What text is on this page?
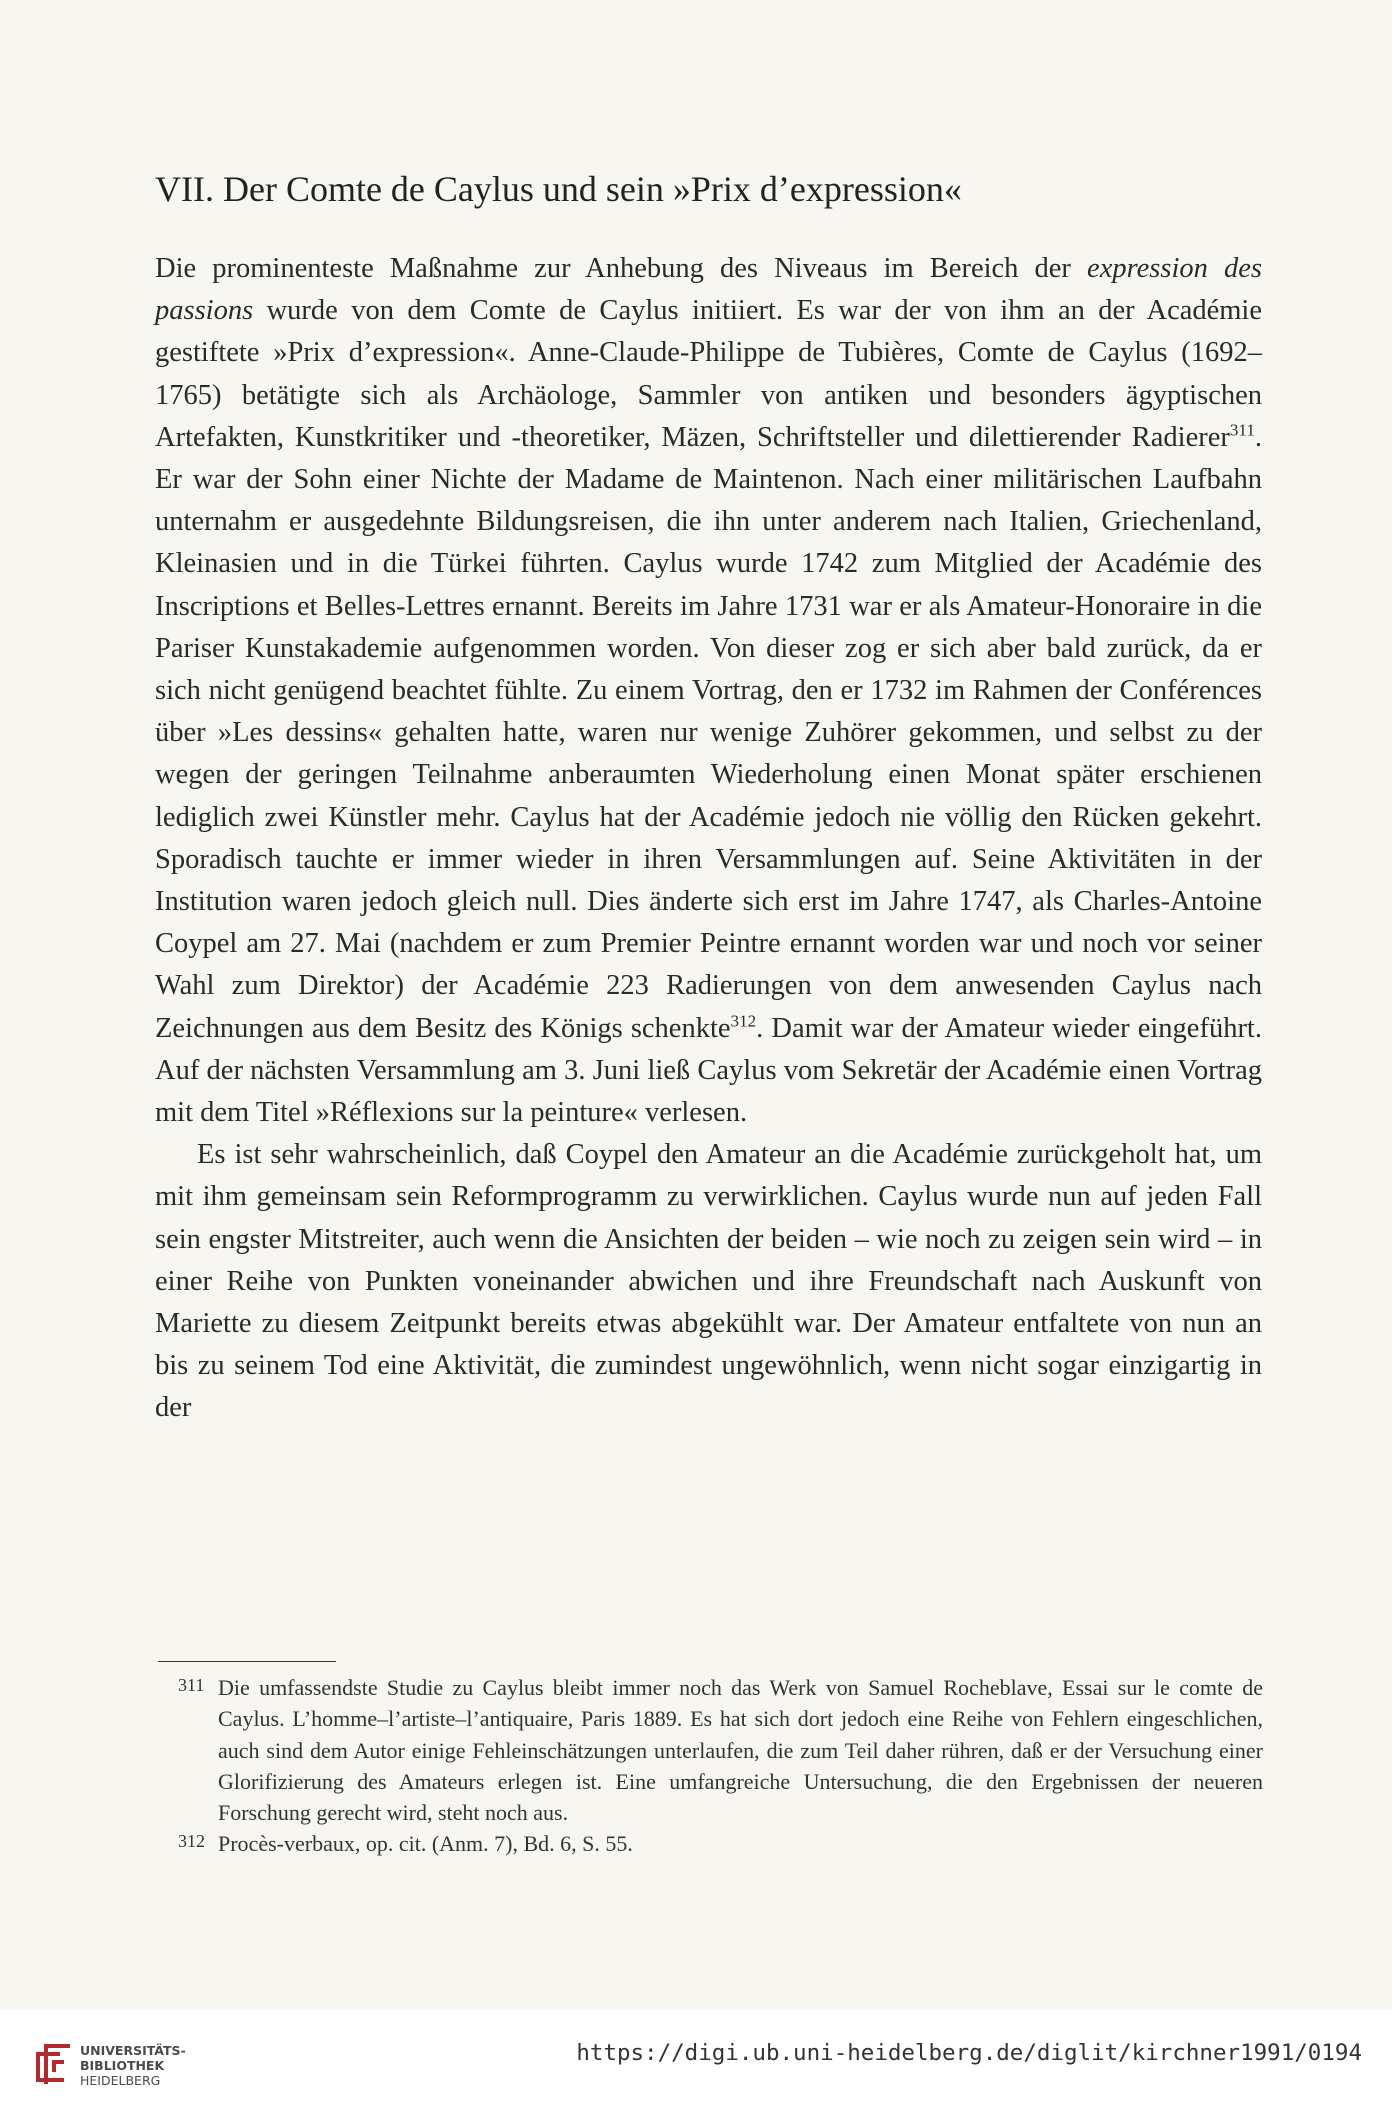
VII. Der Comte de Caylus und sein »Prix d’expression«

Die prominenteste Maßnahme zur Anhebung des Niveaus im Bereich der expression des passions wurde von dem Comte de Caylus initiiert. Es war der von ihm an der Académie gestiftete »Prix d’expression«. Anne-Claude-Philippe de Tubières, Comte de Caylus (1692–1765) betätigte sich als Archäologe, Sammler von antiken und besonders ägyptischen Artefakten, Kunstkritiker und -theoretiker, Mäzen, Schriftsteller und dilettierender Radierer$^{311}$. Er war der Sohn einer Nichte der Madame de Maintenon. Nach einer militärischen Laufbahn unternahm er ausgedehnte Bildungsreisen, die ihn unter anderem nach Italien, Griechenland, Kleinasien und in die Türkei führten. Caylus wurde 1742 zum Mitglied der Académie des Inscriptions et Belles-Lettres ernannt. Bereits im Jahre 1731 war er als Amateur-Honoraire in die Pariser Kunstakademie aufgenommen worden. Von dieser zog er sich aber bald zurück, da er sich nicht genügend beachtet fühlte. Zu einem Vortrag, den er 1732 im Rahmen der Conférences über »Les dessins« gehalten hatte, waren nur wenige Zuhörer gekommen, und selbst zu der wegen der geringen Teilnahme anberaumten Wiederholung einen Monat später erschienen lediglich zwei Künstler mehr. Caylus hat der Académie jedoch nie völlig den Rücken gekehrt. Sporadisch tauchte er immer wieder in ihren Versammlungen auf. Seine Aktivitäten in der Institution waren jedoch gleich null. Dies änderte sich erst im Jahre 1747, als Charles-Antoine Coypel am 27. Mai (nachdem er zum Premier Peintre ernannt worden war und noch vor seiner Wahl zum Direktor) der Académie 223 Radierungen von dem anwesenden Caylus nach Zeichnungen aus dem Besitz des Königs schenkte$^{312}$. Damit war der Amateur wieder eingeführt. Auf der nächsten Versammlung am 3. Juni ließ Caylus vom Sekretär der Académie einen Vortrag mit dem Titel »Réflexions sur la peinture« verlesen.

Es ist sehr wahrscheinlich, daß Coypel den Amateur an die Académie zurückgeholt hat, um mit ihm gemeinsam sein Reformprogramm zu verwirklichen. Caylus wurde nun auf jeden Fall sein engster Mitstreiter, auch wenn die Ansichten der beiden – wie noch zu zeigen sein wird – in einer Reihe von Punkten voneinander abwichen und ihre Freundschaft nach Auskunft von Mariette zu diesem Zeitpunkt bereits etwas abgekühlt war. Der Amateur entfaltete von nun an bis zu seinem Tod eine Aktivität, die zumindest ungewöhnlich, wenn nicht sogar einzigartig in der

311 Die umfassendste Studie zu Caylus bleibt immer noch das Werk von Samuel Rocheblave, Essai sur le comte de Caylus. L’homme–l’artiste–l’antiquaire, Paris 1889. Es hat sich dort jedoch eine Reihe von Fehlern eingeschlichen, auch sind dem Autor einige Fehleinschätzungen unterlaufen, die zum Teil daher rühren, daß er der Versuchung einer Glorifizierung des Amateurs erlegen ist. Eine umfangreiche Untersuchung, die den Ergebnissen der neueren Forschung gerecht wird, steht noch aus.
312 Procès-verbaux, op. cit. (Anm. 7), Bd. 6, S. 55.
UNIVERSITÄTS-
BIBLIOTHEK
HEIDELBERG
https://digi.ub.uni-heidelberg.de/diglit/kirchner1991/0194
